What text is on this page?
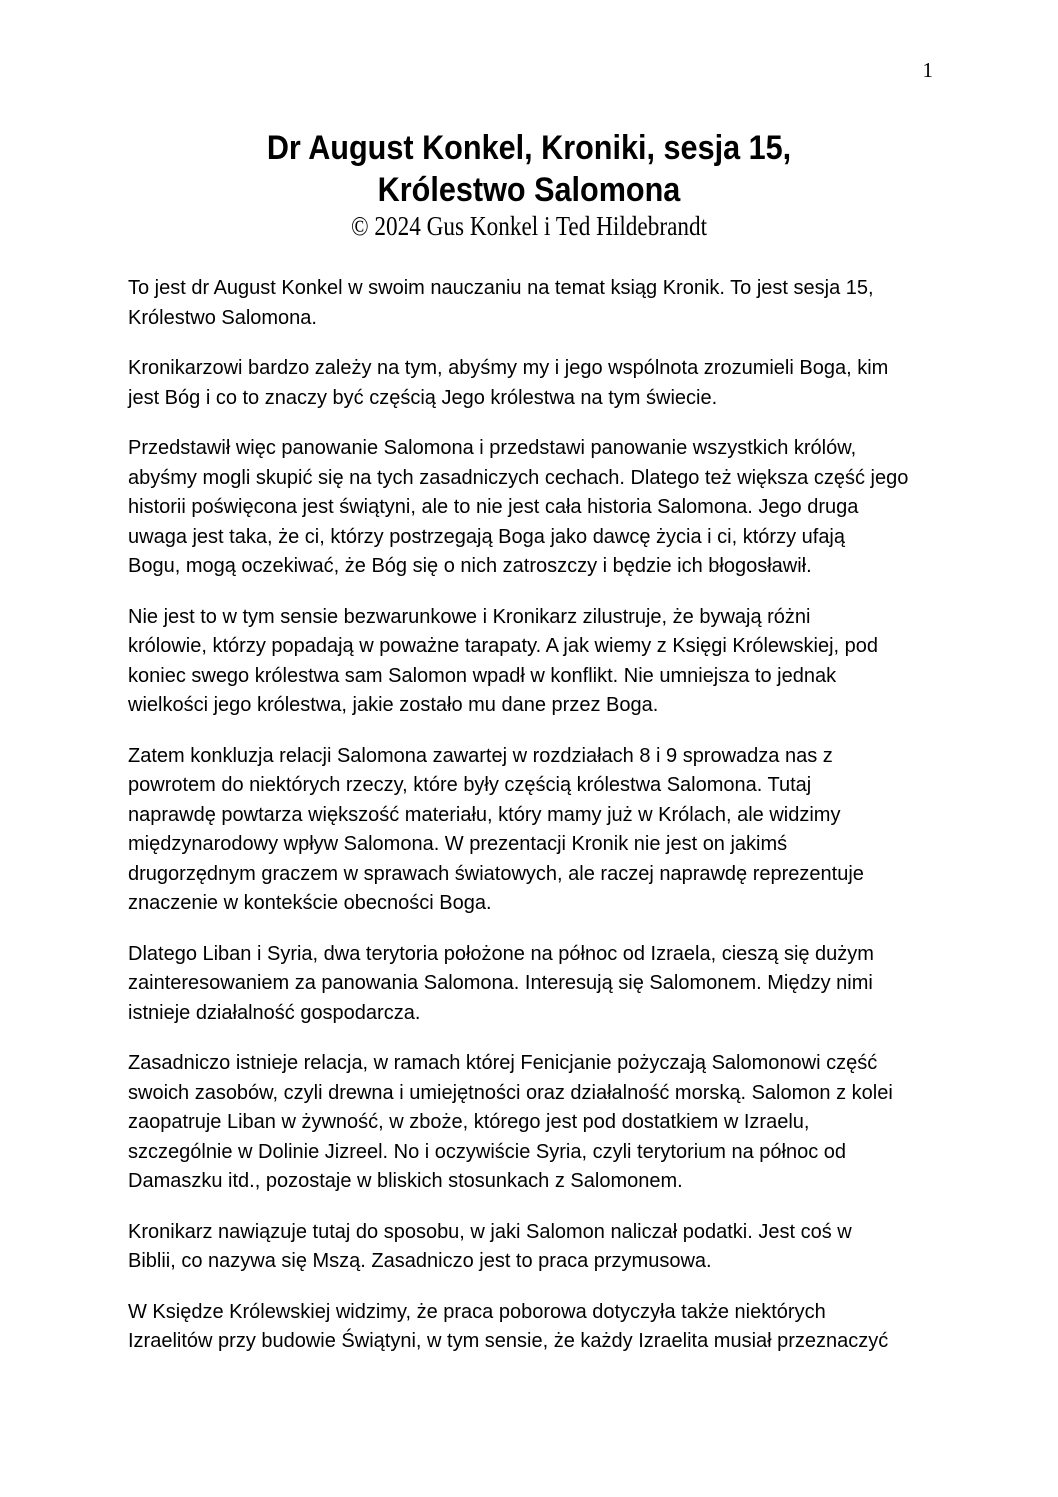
1
Dr August Konkel, Kroniki, sesja 15,
Królestwo Salomona
© 2024 Gus Konkel i Ted Hildebrandt

To jest dr August Konkel w swoim nauczaniu na temat ksiąg Kronik. To jest sesja 15,
Królestwo Salomona.

Kronikarzowi bardzo zależy na tym, abyśmy my i jego wspólnota zrozumieli Boga, kim
jest Bóg i co to znaczy być częścią Jego królestwa na tym świecie.

Przedstawił więc panowanie Salomona i przedstawi panowanie wszystkich królów,
abyśmy mogli skupić się na tych zasadniczych cechach. Dlatego też większa część jego
historii poświęcona jest świątyni, ale to nie jest cała historia Salomona. Jego druga
uwaga jest taka, że ci, którzy postrzegają Boga jako dawcę życia i ci, którzy ufają
Bogu, mogą oczekiwać, że Bóg się o nich zatroszczy i będzie ich błogosławił.

Nie jest to w tym sensie bezwarunkowe i Kronikarz zilustruje, że bywają różni
królowie, którzy popadają w poważne tarapaty. A jak wiemy z Księgi Królewskiej, pod
koniec swego królestwa sam Salomon wpadł w konflikt. Nie umniejsza to jednak
wielkości jego królestwa, jakie zostało mu dane przez Boga.

Zatem konkluzja relacji Salomona zawartej w rozdziałach 8 i 9 sprowadza nas z
powrotem do niektórych rzeczy, które były częścią królestwa Salomona. Tutaj
naprawdę powtarza większość materiału, który mamy już w Królach, ale widzimy
międzynarodowy wpływ Salomona. W prezentacji Kronik nie jest on jakimś
drugorzędnym graczem w sprawach światowych, ale raczej naprawdę reprezentuje
znaczenie w kontekście obecności Boga.

Dlatego Liban i Syria, dwa terytoria położone na północ od Izraela, cieszą się dużym
zainteresowaniem za panowania Salomona. Interesują się Salomonem. Między nimi
istnieje działalność gospodarcza.

Zasadniczo istnieje relacja, w ramach której Fenicjanie pożyczają Salomonowi część
swoich zasobów, czyli drewna i umiejętności oraz działalność morską. Salomon z kolei
zaopatruje Liban w żywność, w zboże, którego jest pod dostatkiem w Izraelu,
szczególnie w Dolinie Jizreel. No i oczywiście Syria, czyli terytorium na północ od
Damaszku itd., pozostaje w bliskich stosunkach z Salomonem.

Kronikarz nawiązuje tutaj do sposobu, w jaki Salomon naliczał podatki. Jest coś w
Biblii, co nazywa się Mszą. Zasadniczo jest to praca przymusowa.

W Księdze Królewskiej widzimy, że praca poborowa dotyczyła także niektórych
Izraelitów przy budowie Świątyni, w tym sensie, że każdy Izraelita musiał przeznaczyć
